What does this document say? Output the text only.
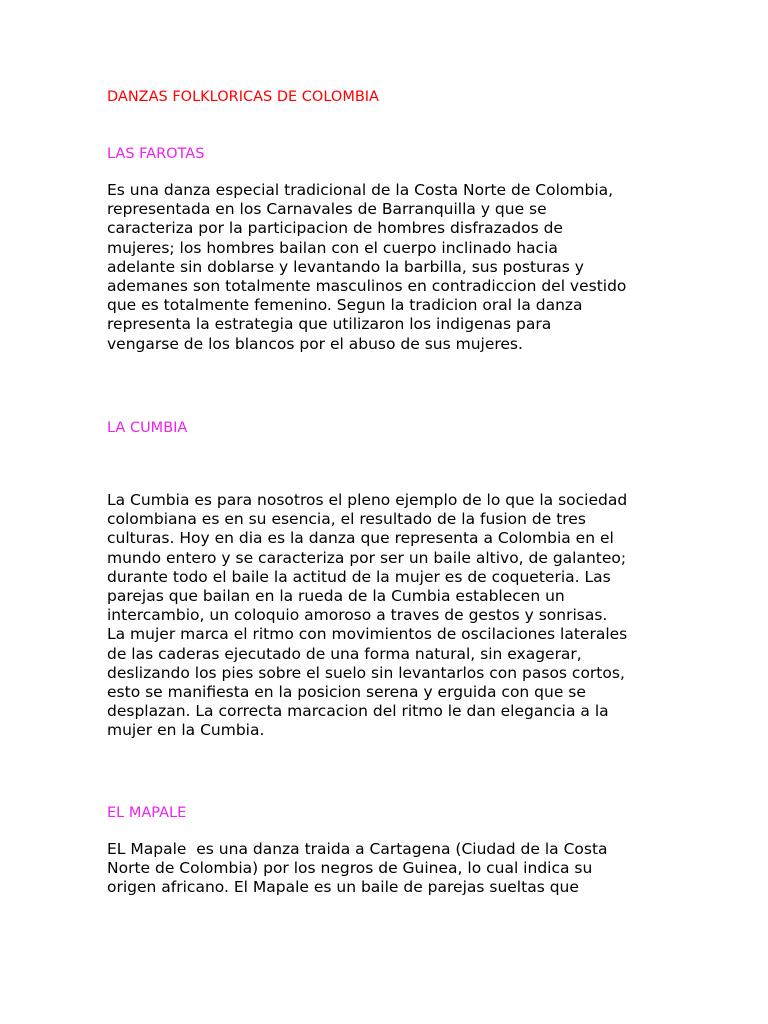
DANZAS FOLKLORICAS DE COLOMBIA
LAS FAROTAS
Es una danza especial tradicional de la Costa Norte de Colombia,
representada en los Carnavales de Barranquilla y que se
caracteriza por la participacion de hombres disfrazados de
mujeres; los hombres bailan con el cuerpo inclinado hacia
adelante sin doblarse y levantando la barbilla, sus posturas y
ademanes son totalmente masculinos en contradiccion del vestido
que es totalmente femenino. Segun la tradicion oral la danza
representa la estrategia que utilizaron los indigenas para
vengarse de los blancos por el abuso de sus mujeres.
LA CUMBIA
La Cumbia es para nosotros el pleno ejemplo de lo que la sociedad
colombiana es en su esencia, el resultado de la fusion de tres
culturas. Hoy en dia es la danza que representa a Colombia en el
mundo entero y se caracteriza por ser un baile altivo, de galanteo;
durante todo el baile la actitud de la mujer es de coqueteria. Las
parejas que bailan en la rueda de la Cumbia establecen un
intercambio, un coloquio amoroso a traves de gestos y sonrisas.
La mujer marca el ritmo con movimientos de oscilaciones laterales
de las caderas ejecutado de una forma natural, sin exagerar,
deslizando los pies sobre el suelo sin levantarlos con pasos cortos,
esto se manifiesta en la posicion serena y erguida con que se
desplazan. La correcta marcacion del ritmo le dan elegancia a la
mujer en la Cumbia.
EL MAPALE
EL Mapale  es una danza traida a Cartagena (Ciudad de la Costa
Norte de Colombia) por los negros de Guinea, lo cual indica su
origen africano. El Mapale es un baile de parejas sueltas que
